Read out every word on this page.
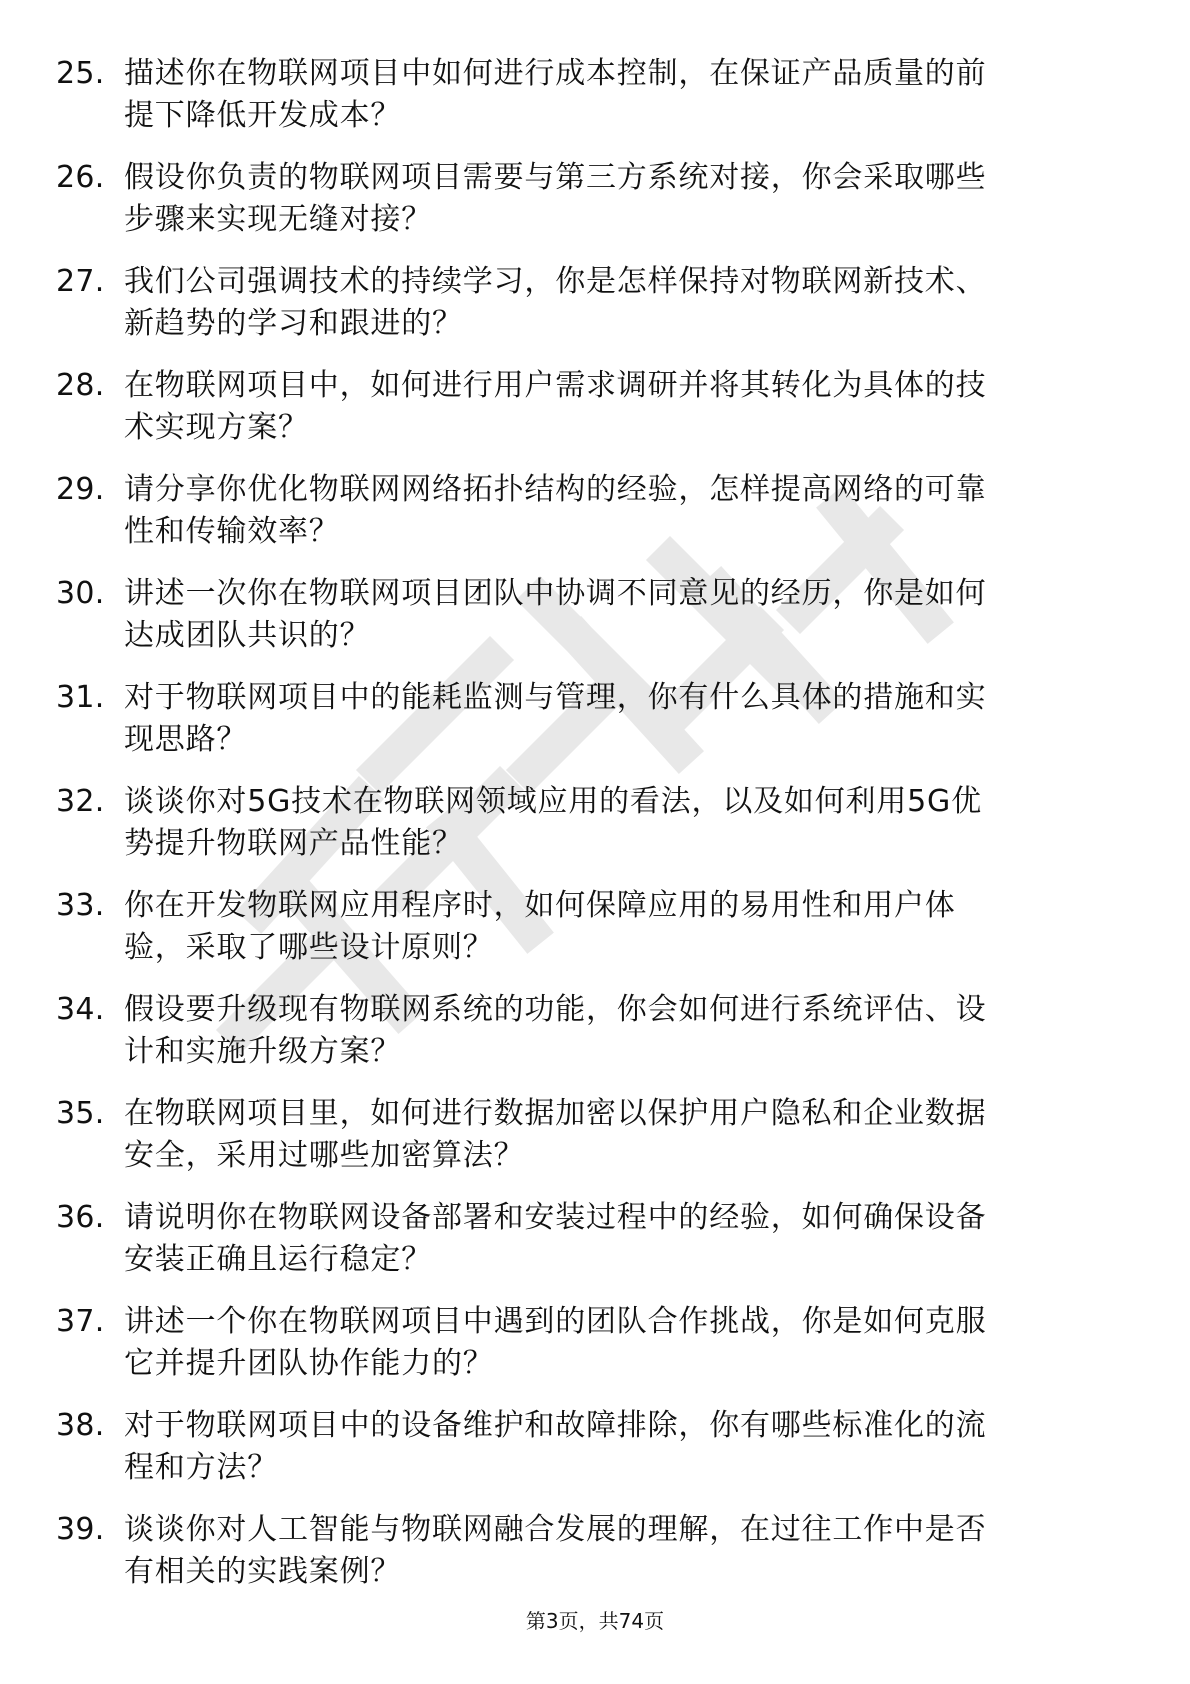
25. 描述你在物联网项目中如何进行成本控制，在保证产品质量的前
提下降低开发成本？
26. 假设你负责的物联网项目需要与第三方系统对接，你会采取哪些
步骤来实现无缝对接？
27. 我们公司强调技术的持续学习，你是怎样保持对物联网新技术、
新趋势的学习和跟进的？
28. 在物联网项目中，如何进行用户需求调研并将其转化为具体的技
术实现方案？
29. 请分享你优化物联网网络拓扑结构的经验，怎样提高网络的可靠
性和传输效率？
30. 讲述一次你在物联网项目团队中协调不同意见的经历，你是如何
达成团队共识的？
31. 对于物联网项目中的能耗监测与管理，你有什么具体的措施和实
现思路？
32. 谈谈你对5G技术在物联网领域应用的看法，以及如何利用5G优
势提升物联网产品性能？
33. 你在开发物联网应用程序时，如何保障应用的易用性和用户体
验，采取了哪些设计原则？
34. 假设要升级现有物联网系统的功能，你会如何进行系统评估、设
计和实施升级方案？
35. 在物联网项目里，如何进行数据加密以保护用户隐私和企业数据
安全，采用过哪些加密算法？
36. 请说明你在物联网设备部署和安装过程中的经验，如何确保设备
安装正确且运行稳定？
37. 讲述一个你在物联网项目中遇到的团队合作挑战，你是如何克服
它并提升团队协作能力的？
38. 对于物联网项目中的设备维护和故障排除，你有哪些标准化的流
程和方法？
39. 谈谈你对人工智能与物联网融合发展的理解，在过往工作中是否
有相关的实践案例？
第3页，共74页
